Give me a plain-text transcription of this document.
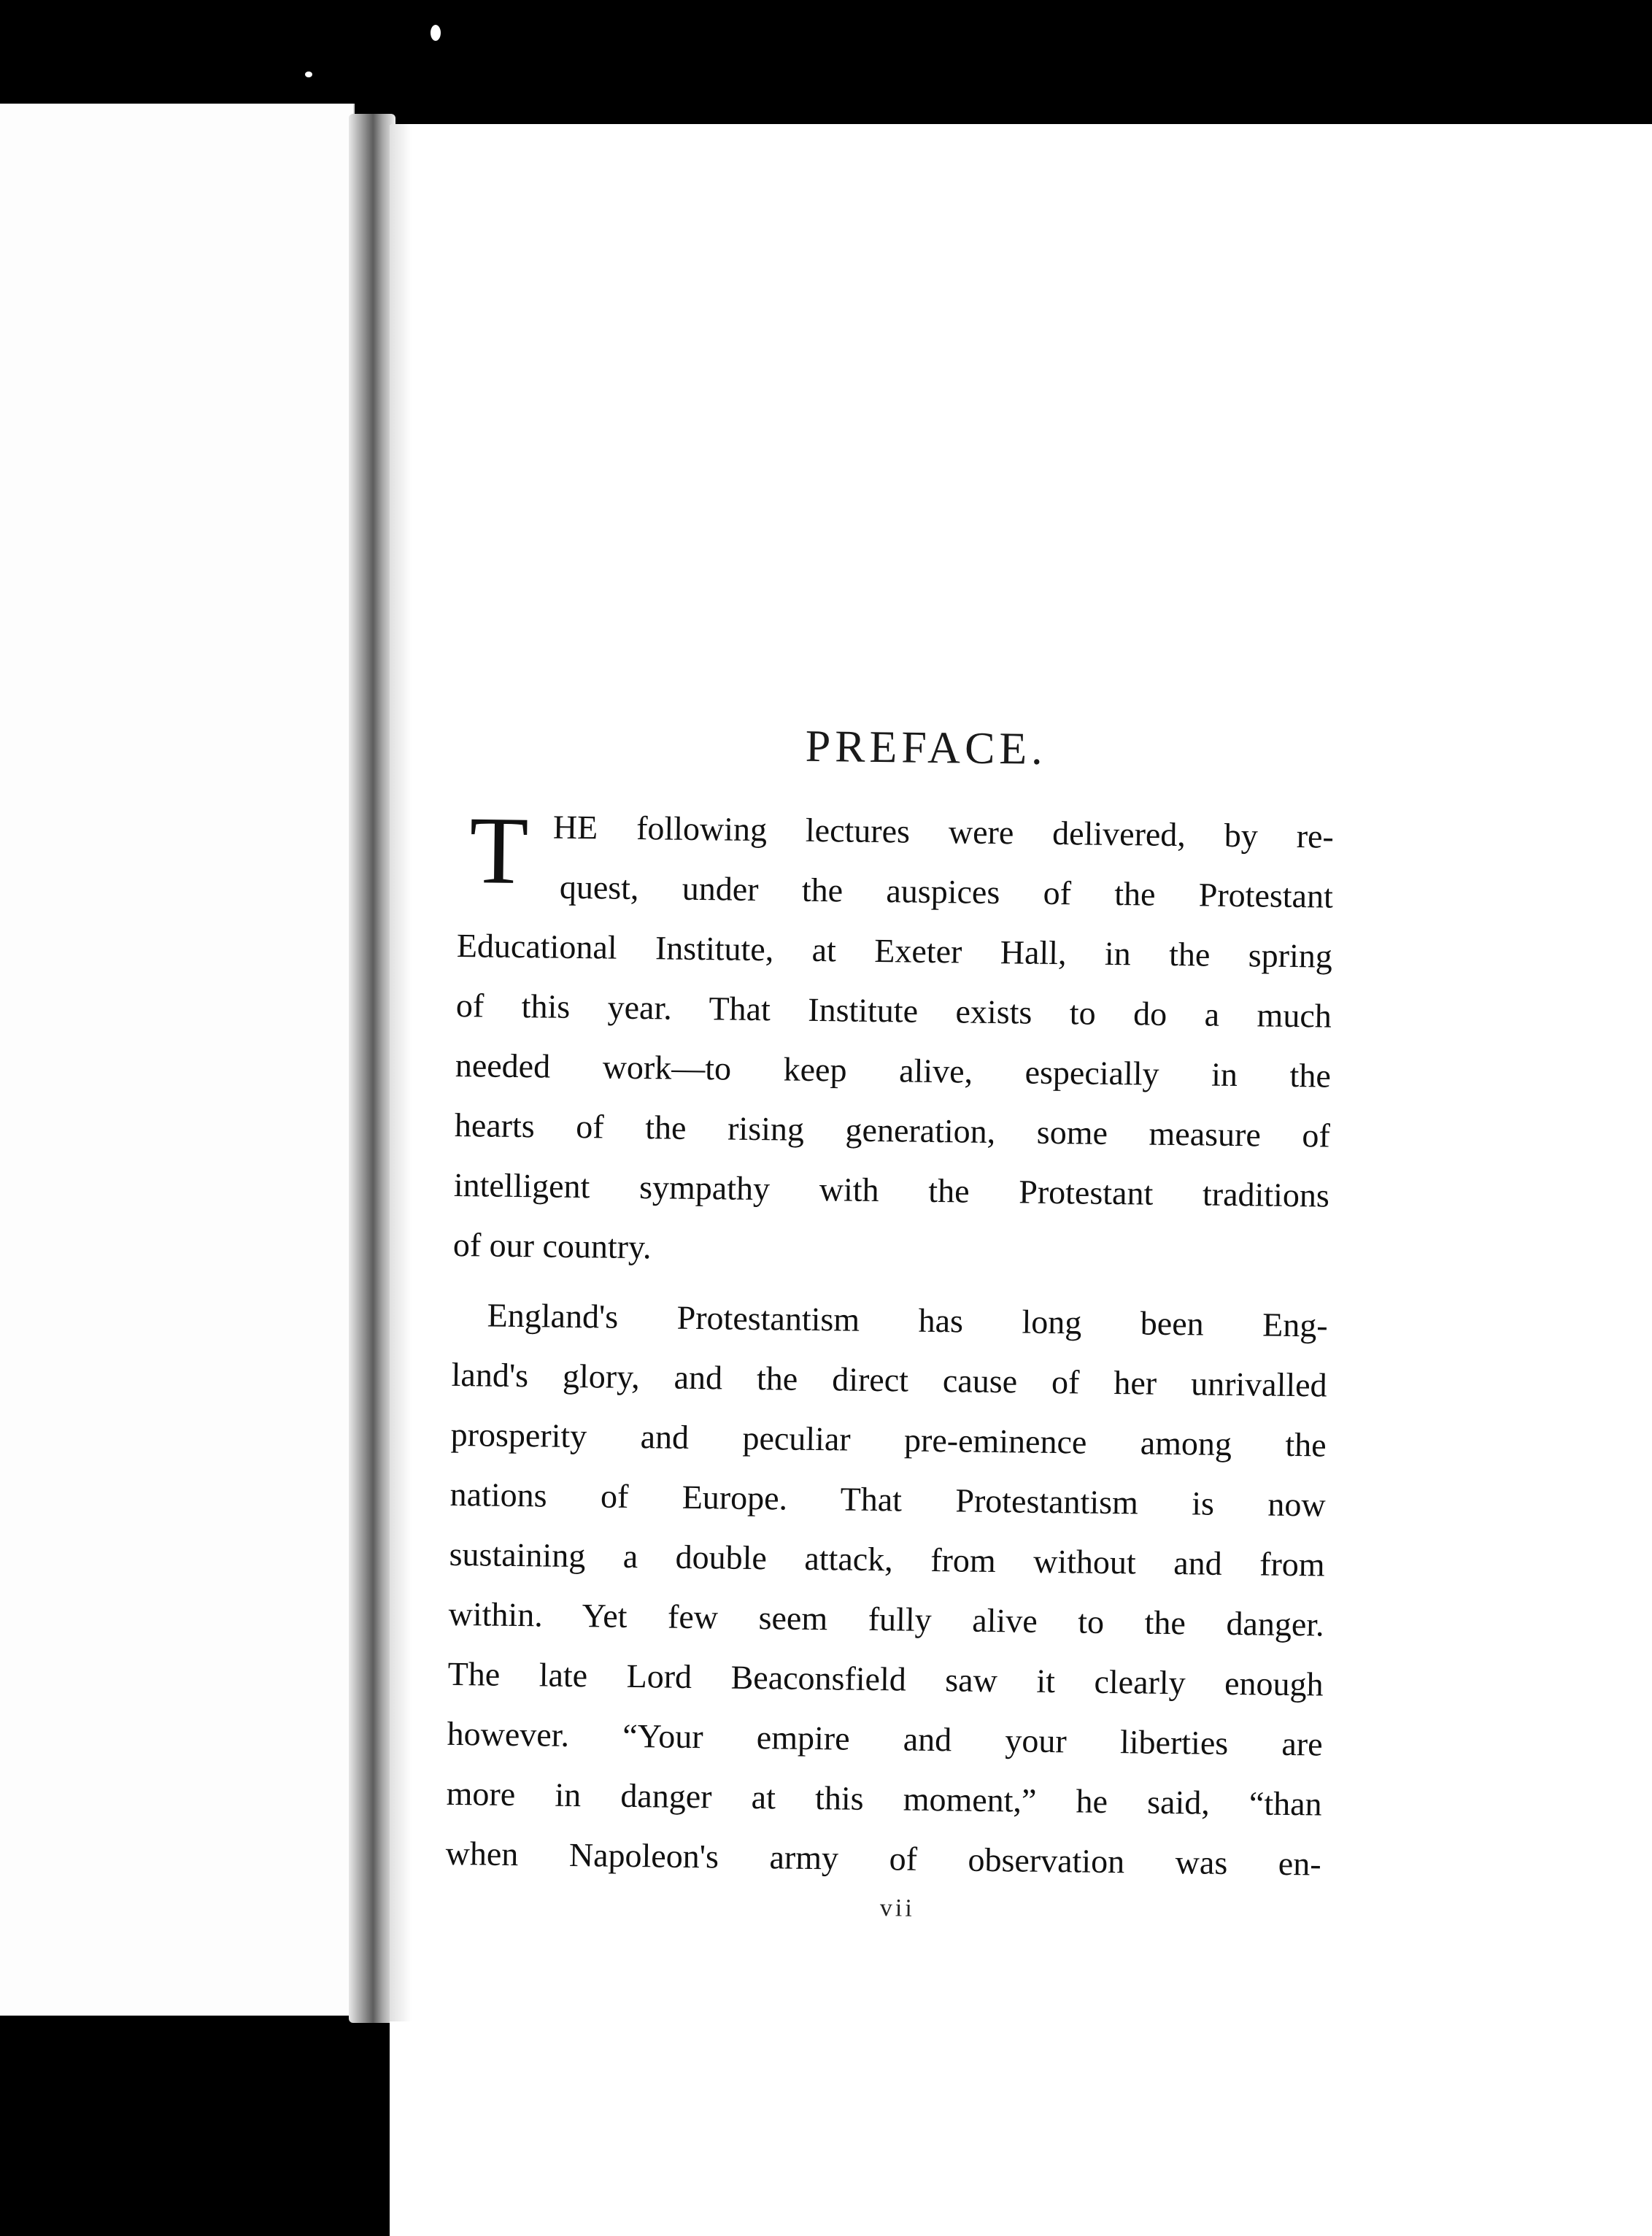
PREFACE.
T HE following lectures were delivered, by re-
quest, under the auspices of the Protestant
Educational Institute, at Exeter Hall, in the spring
of this year. That Institute exists to do a much
needed work—to keep alive, especially in the
hearts of the rising generation, some measure of
intelligent sympathy with the Protestant traditions
of our country.
England's Protestantism has long been Eng-
land's glory, and the direct cause of her unrivalled
prosperity and peculiar pre-eminence among the
nations of Europe. That Protestantism is now
sustaining a double attack, from without and from
within. Yet few seem fully alive to the danger.
The late Lord Beaconsfield saw it clearly enough
however. “Your empire and your liberties are
more in danger at this moment,” he said, “than
when Napoleon's army of observation was en-
vii
